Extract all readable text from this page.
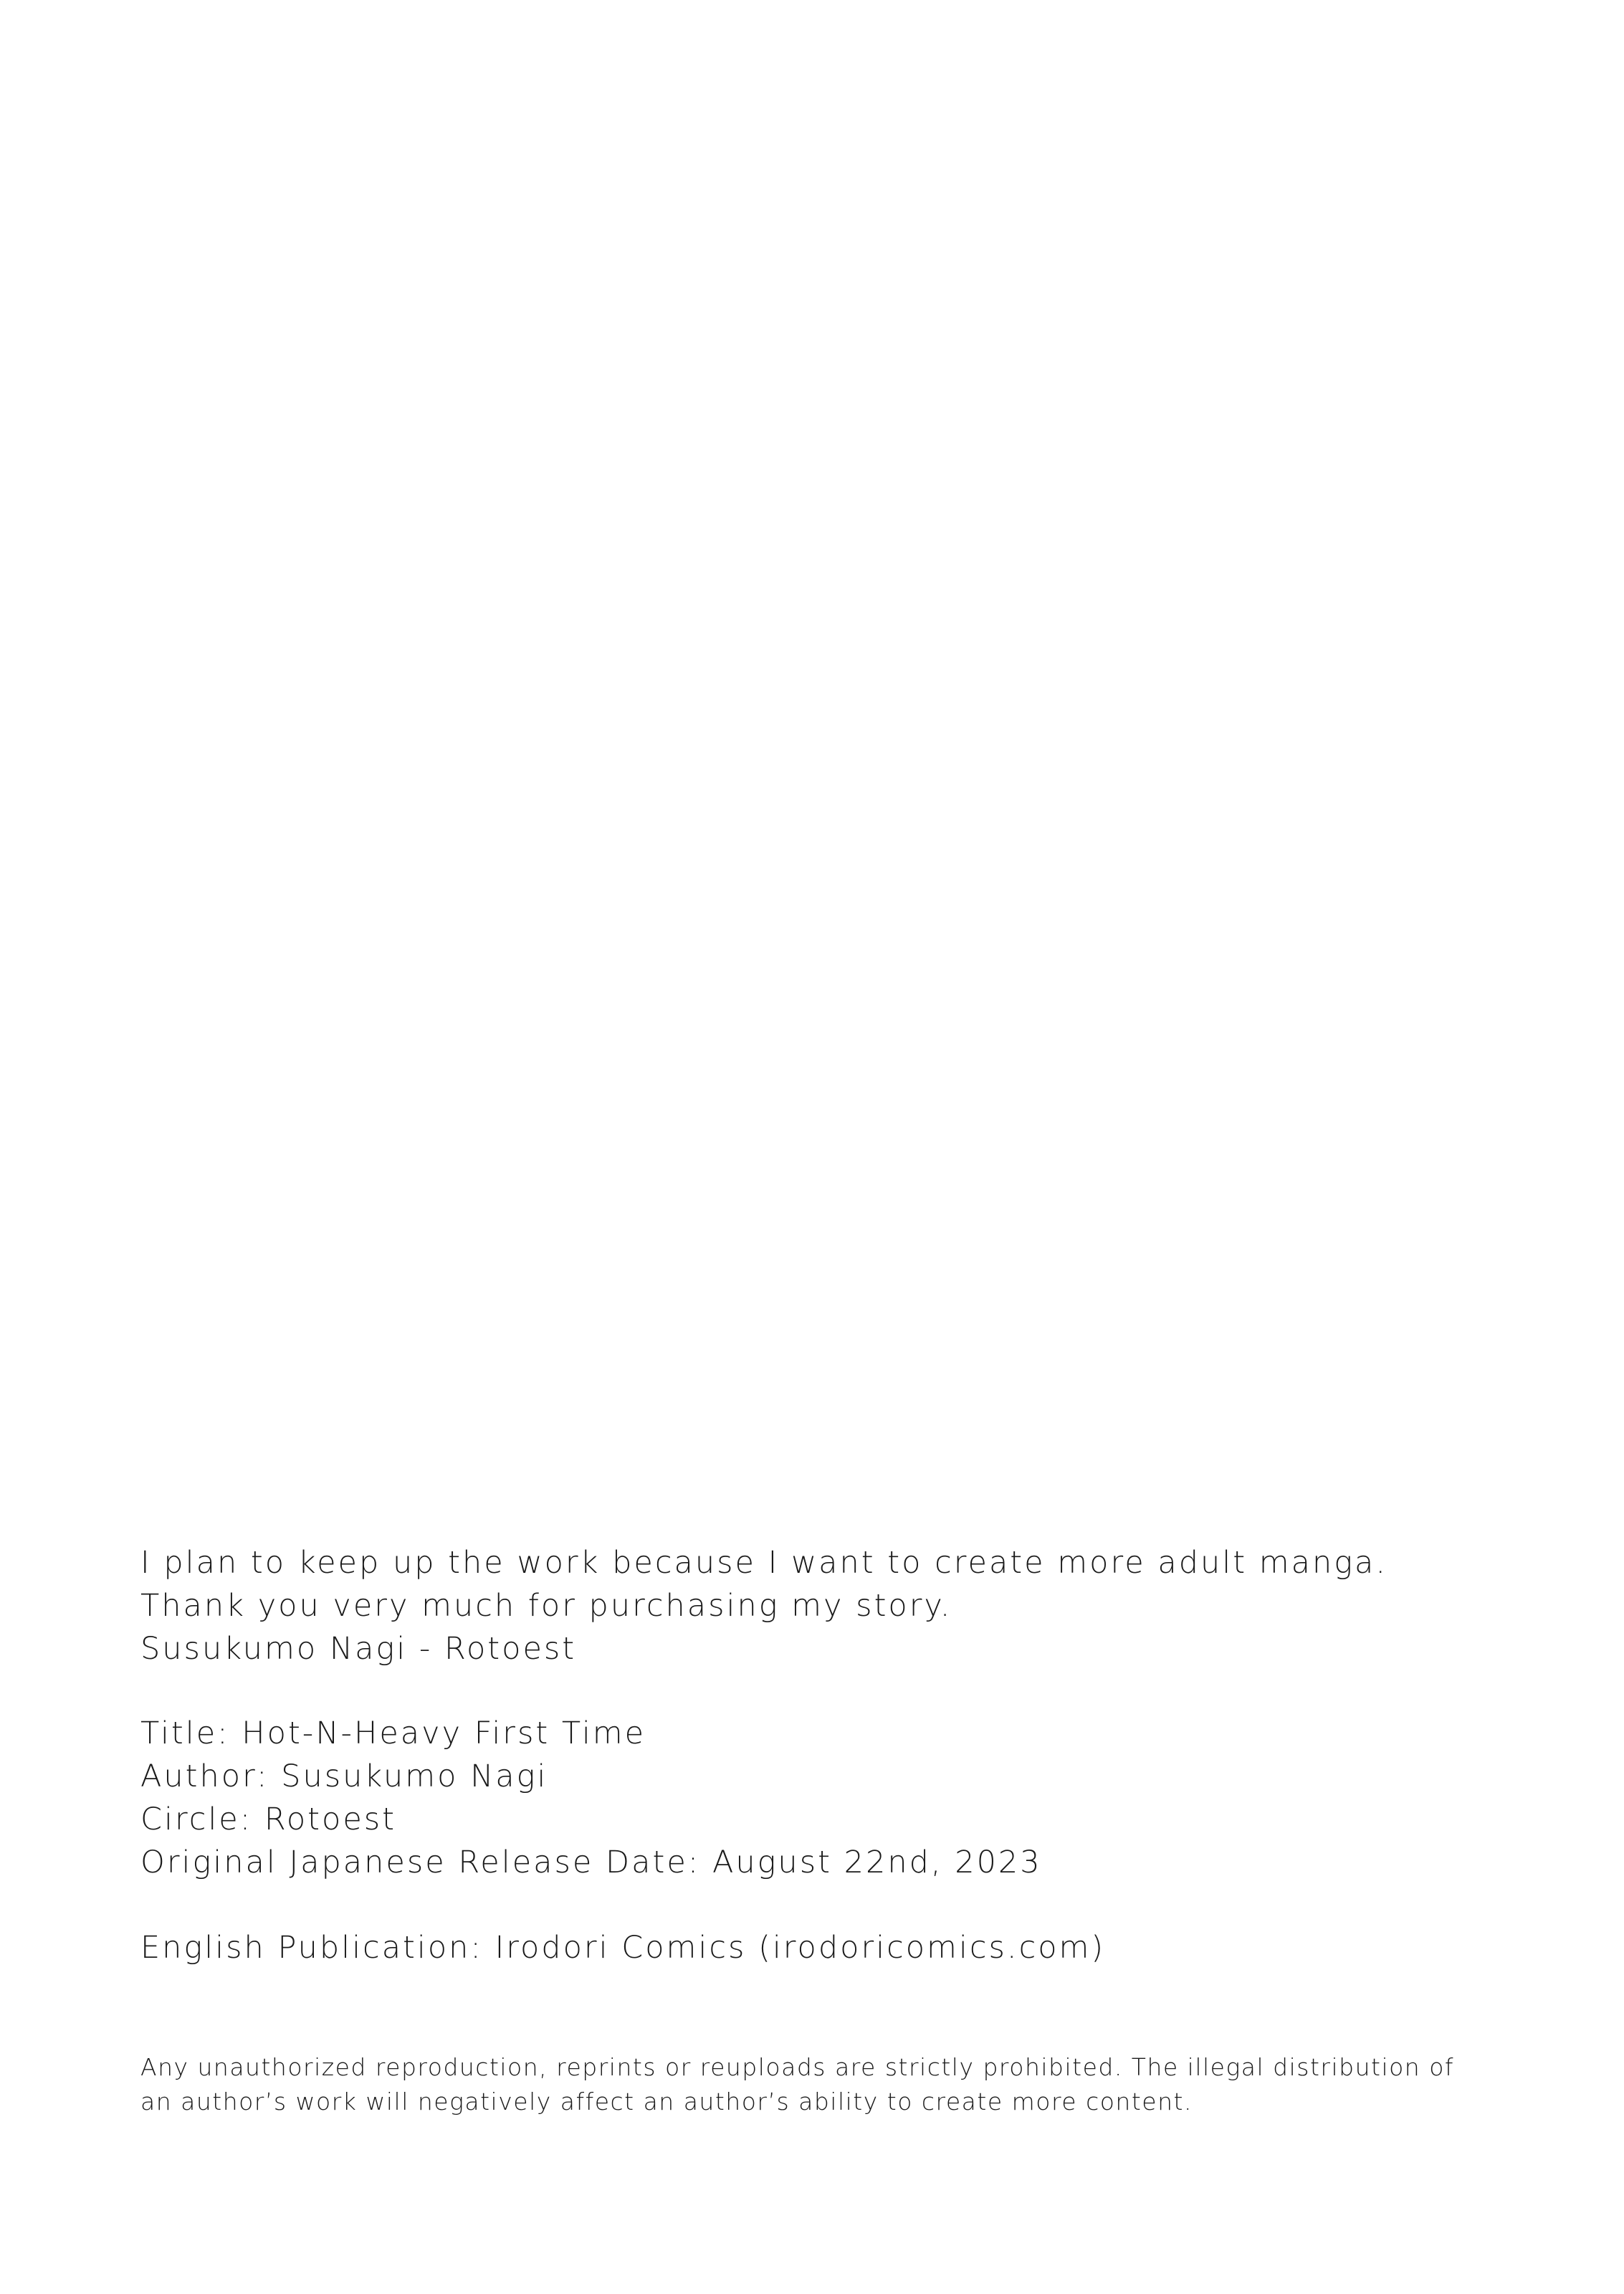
I plan to keep up the work because I want to create more adult manga.
Thank you very much for purchasing my story.
Susukumo Nagi - Rotoest
Title: Hot-N-Heavy First Time
Author: Susukumo Nagi
Circle: Rotoest
Original Japanese Release Date: August 22nd, 2023
English Publication: Irodori Comics (irodoricomics.com)
Any unauthorized reproduction, reprints or reuploads are strictly prohibited. The illegal distribution of
an author’s work will negatively affect an author’s ability to create more content.
